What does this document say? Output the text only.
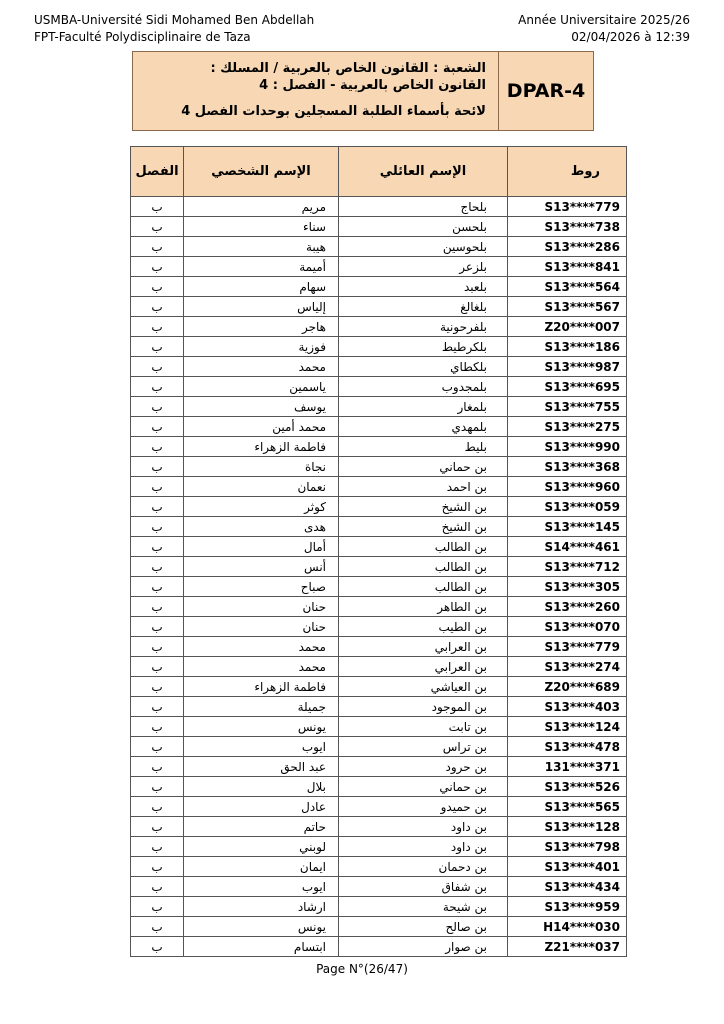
USMBA-Université Sidi Mohamed Ben Abdellah
FPT-Faculté Polydisciplinaire de Taza
Année Universitaire 2025/26
02/04/2026 à 12:39
الشعبة : القانون الخاص بالعربية / المسلك :
القانون الخاص بالعربية - الفصل : 4
لائحة بأسماء الطلبة المسجلين بوحدات الفصل 4
DPAR-4
الفصل	الإسم الشخصي	الإسم العائلي	روط
ب	مريم	بلحاج	S13****779
ب	سناء	بلحسن	S13****738
ب	هيبة	بلحوسين	S13****286
ب	أميمة	بلزعر	S13****841
ب	سهام	بلعبد	S13****564
ب	إلياس	بلغالغ	S13****567
ب	هاجر	بلفرحونية	Z20****007
ب	فوزية	بلكرطيط	S13****186
ب	محمد	بلكطاي	S13****987
ب	ياسمين	بلمجدوب	S13****695
ب	يوسف	بلمغار	S13****755
ب	محمد أمين	بلمهدي	S13****275
ب	فاطمة الزهراء	بليط	S13****990
ب	نجاة	بن حماني	S13****368
ب	نعمان	بن احمد	S13****960
ب	كوثر	بن الشيخ	S13****059
ب	هدى	بن الشيخ	S13****145
ب	أمال	بن الطالب	S14****461
ب	أنس	بن الطالب	S13****712
ب	صباح	بن الطالب	S13****305
ب	حنان	بن الطاهر	S13****260
ب	حنان	بن الطيب	S13****070
ب	محمد	بن العرابي	S13****779
ب	محمد	بن العرابي	S13****274
ب	فاطمة الزهراء	بن العياشي	Z20****689
ب	جميلة	بن الموجود	S13****403
ب	يونس	بن تابت	S13****124
ب	ايوب	بن تراس	S13****478
ب	عبد الحق	بن حرود	131****371
ب	بلال	بن حماني	S13****526
ب	عادل	بن حميدو	S13****565
ب	حاتم	بن داود	S13****128
ب	لوبني	بن داود	S13****798
ب	ايمان	بن دحمان	S13****401
ب	ايوب	بن شفاق	S13****434
ب	ارشاد	بن شيحة	S13****959
ب	يونس	بن صالح	H14****030
ب	ابتسام	بن صوار	Z21****037
Page N°(26/47)
